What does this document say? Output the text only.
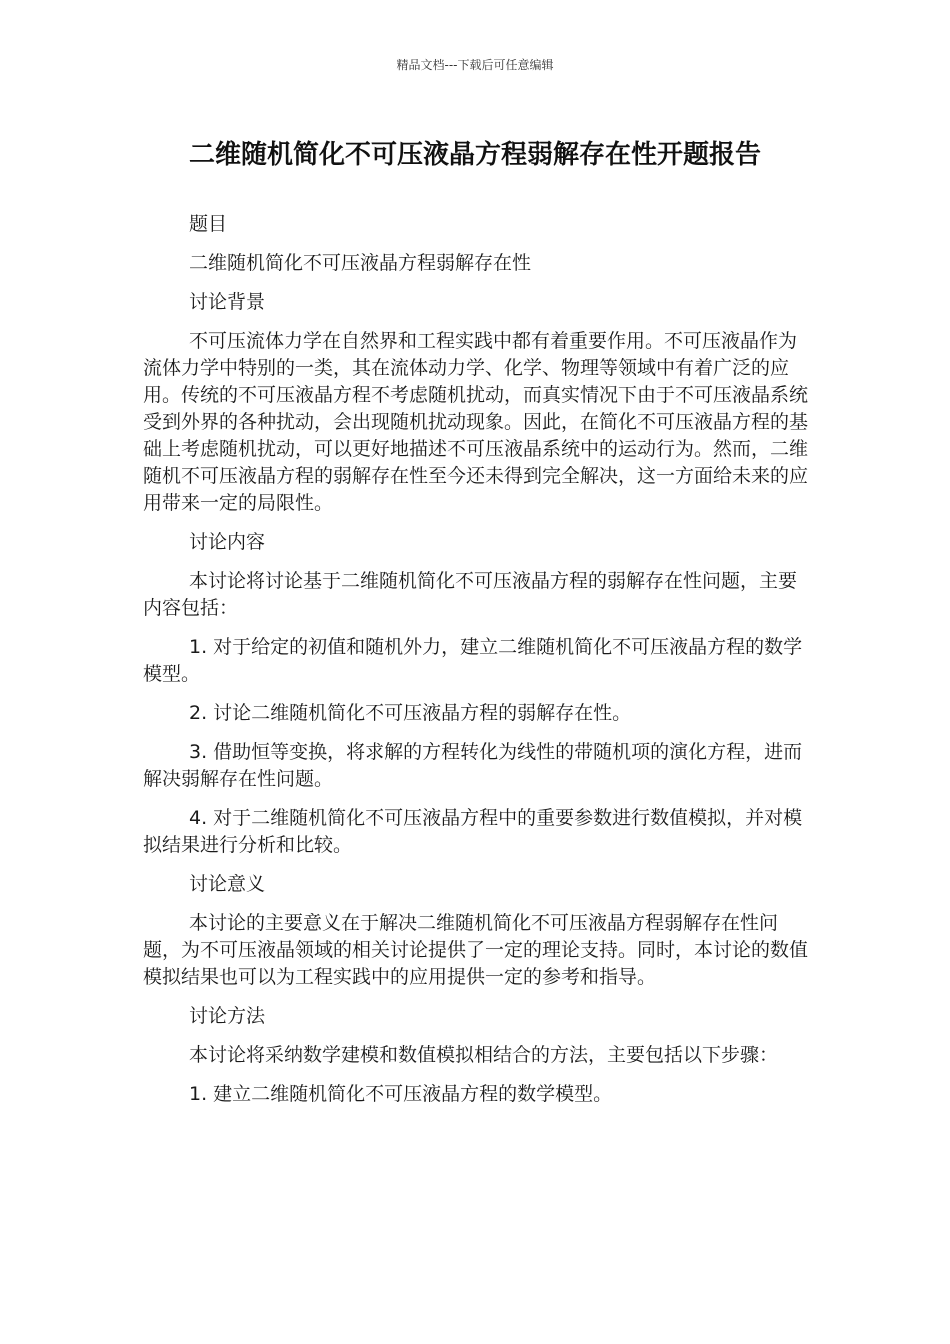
精品文档---下载后可任意编辑
二维随机简化不可压液晶方程弱解存在性开题报告

题目

二维随机简化不可压液晶方程弱解存在性

讨论背景

不可压流体力学在自然界和工程实践中都有着重要作用。不可压液晶作为流体力学中特别的一类，其在流体动力学、化学、物理等领域中有着广泛的应用。传统的不可压液晶方程不考虑随机扰动，而真实情况下由于不可压液晶系统受到外界的各种扰动，会出现随机扰动现象。因此，在简化不可压液晶方程的基础上考虑随机扰动，可以更好地描述不可压液晶系统中的运动行为。然而，二维随机不可压液晶方程的弱解存在性至今还未得到完全解决，这一方面给未来的应用带来一定的局限性。

讨论内容

本讨论将讨论基于二维随机简化不可压液晶方程的弱解存在性问题，主要内容包括：

1. 对于给定的初值和随机外力，建立二维随机简化不可压液晶方程的数学模型。

2. 讨论二维随机简化不可压液晶方程的弱解存在性。

3. 借助恒等变换，将求解的方程转化为线性的带随机项的演化方程，进而解决弱解存在性问题。

4. 对于二维随机简化不可压液晶方程中的重要参数进行数值模拟，并对模拟结果进行分析和比较。

讨论意义

本讨论的主要意义在于解决二维随机简化不可压液晶方程弱解存在性问题，为不可压液晶领域的相关讨论提供了一定的理论支持。同时，本讨论的数值模拟结果也可以为工程实践中的应用提供一定的参考和指导。

讨论方法

本讨论将采纳数学建模和数值模拟相结合的方法，主要包括以下步骤：

1. 建立二维随机简化不可压液晶方程的数学模型。
